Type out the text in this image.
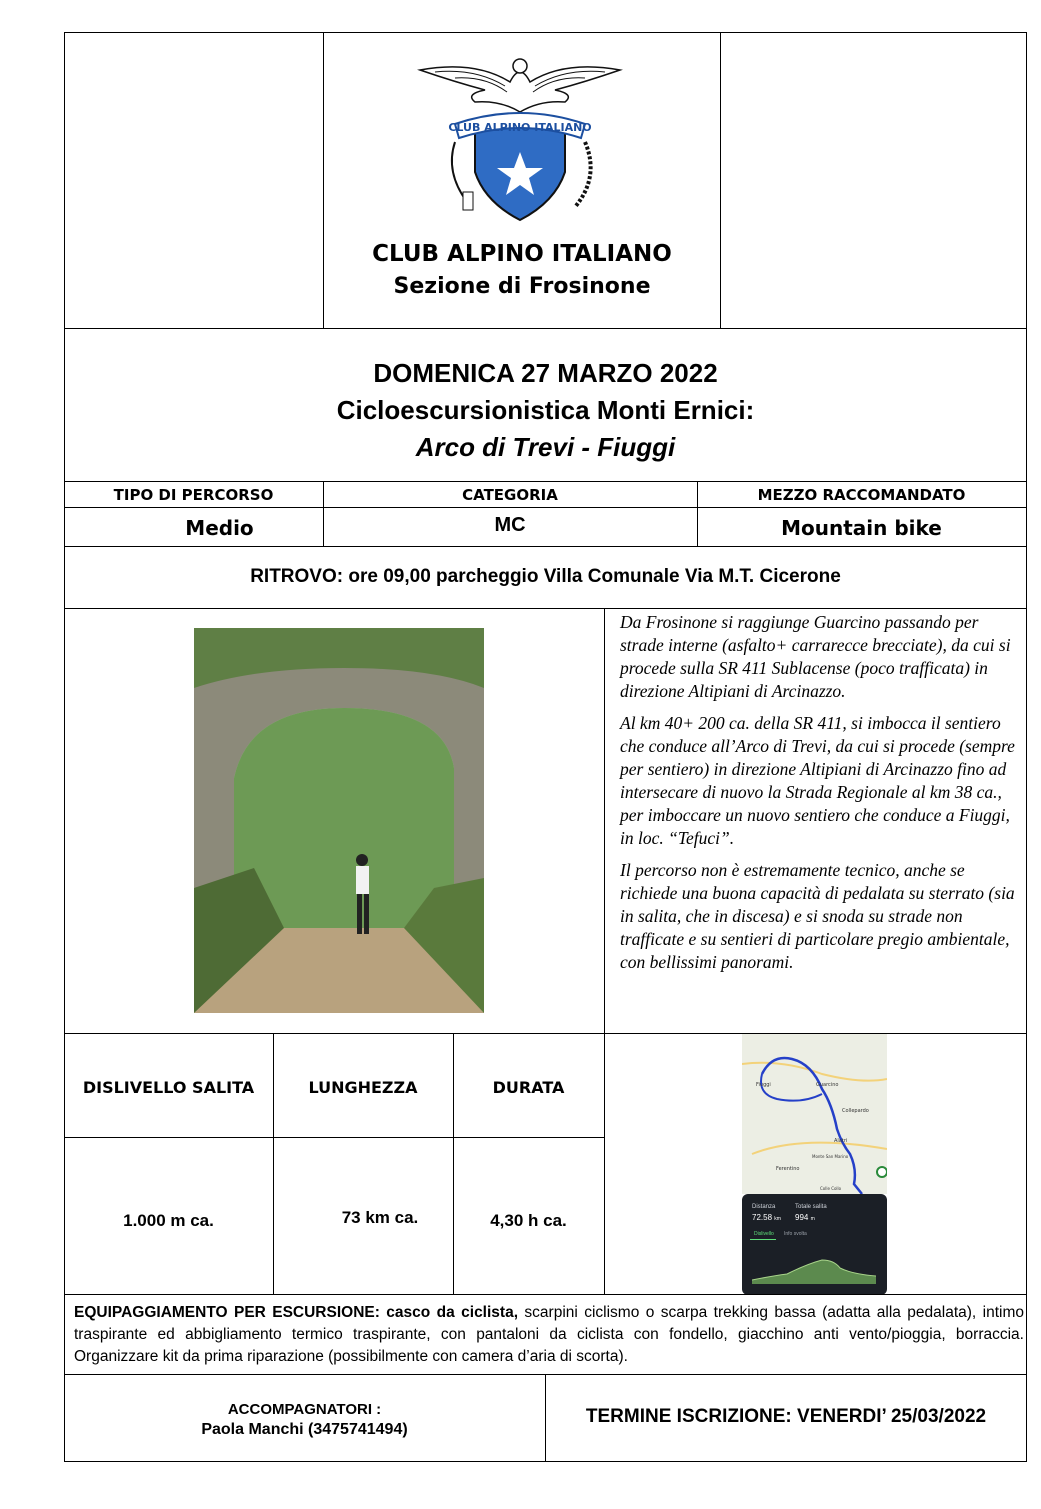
CLUB ALPINO ITALIANO
CLUB ALPINO ITALIANO
Sezione di Frosinone
DOMENICA 27 MARZO 2022
Cicloescursionistica Monti Ernici:
Arco di Trevi - Fiuggi
TIPO DI PERCORSO	CATEGORIA	MEZZO RACCOMANDATO
Medio	MC	Mountain bike
RITROVO: ore 09,00 parcheggio Villa Comunale Via M.T. Cicerone

Da Frosinone si raggiunge Guarcino passando per strade interne (asfalto+ carrarecce brecciate), da cui si procede sulla SR 411 Sublacense (poco trafficata) in direzione Altipiani di Arcinazzo.

Al km 40+ 200 ca. della SR 411, si imbocca il sentiero che conduce all’Arco di Trevi, da cui si procede (sempre per sentiero) in direzione Altipiani di Arcinazzo fino ad intersecare di nuovo la Strada Regionale al km 38 ca., per imboccare un nuovo sentiero che conduce a Fiuggi, in loc. “Tefuci”.

Il percorso non è estremamente tecnico, anche se richiede una buona capacità di pedalata su sterrato (sia in salita, che in discesa) e si snoda su strade non trafficate e su sentieri di particolare pregio ambientale, con bellissimi panorami.

DISLIVELLO SALITA	LUNGHEZZA	DURATA
1.000 m ca.	73 km ca.	4,30 h ca.
Fiuggi	Guarcino
Collepardo
Alatri
Monte San Marino
Ferentino
Colle Collo
Distanza	Totale salita
72.58 km 994 m
Dislivello Info svolta
EQUIPAGGIAMENTO PER ESCURSIONE: casco da ciclista, scarpini ciclismo o scarpa trekking bassa (adatta alla pedalata), intimo traspirante ed abbigliamento termico traspirante, con pantaloni da ciclista con fondello, giacchino anti vento/pioggia, borraccia. Organizzare kit da prima riparazione (possibilmente con camera d’aria di scorta).
ACCOMPAGNATORI :
Paola Manchi (3475741494)
TERMINE ISCRIZIONE: VENERDI’ 25/03/2022
